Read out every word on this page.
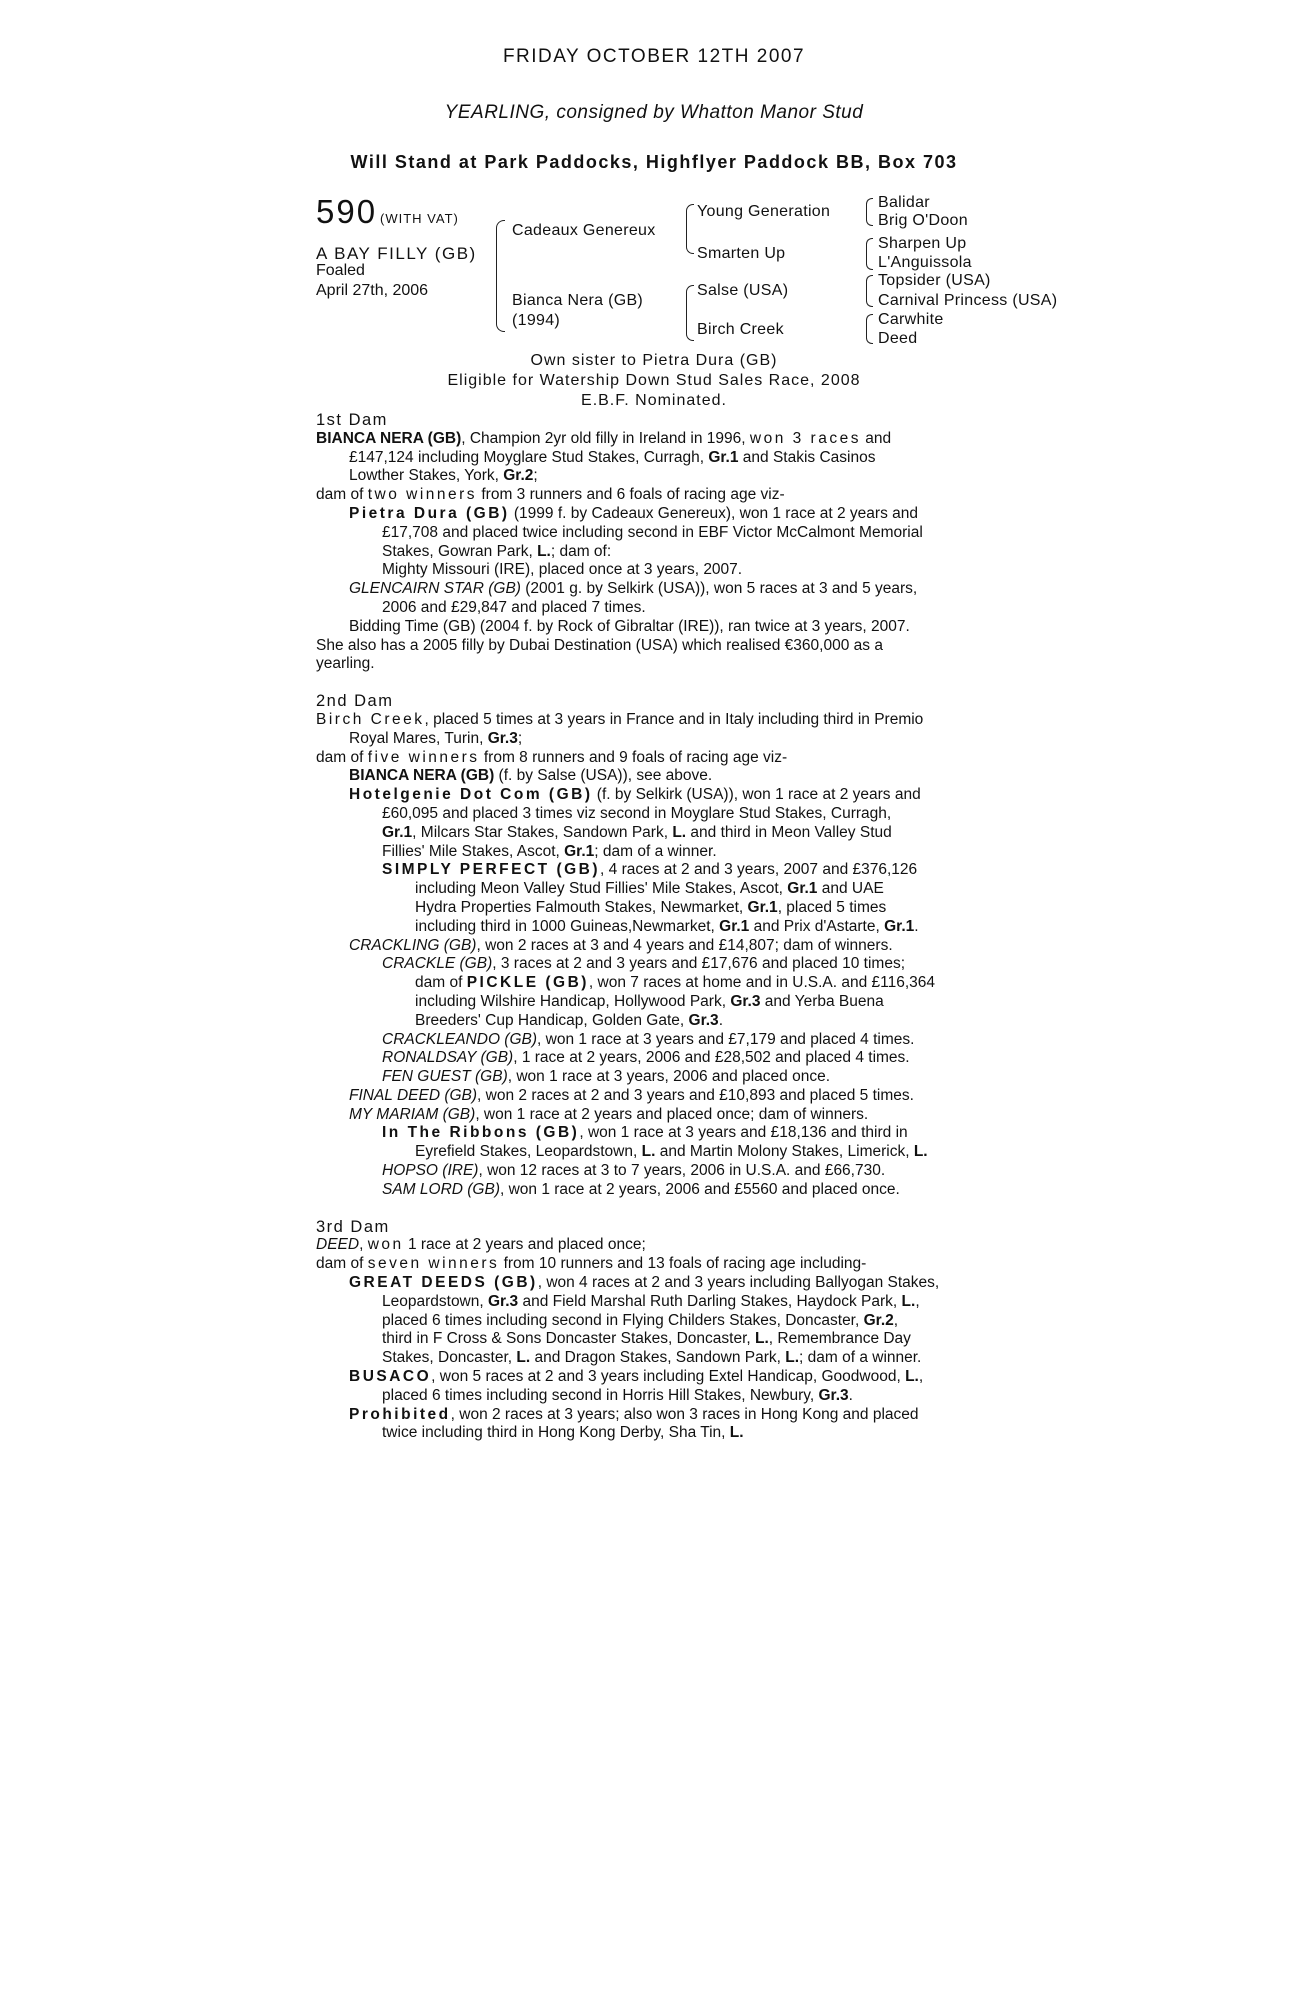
FRIDAY OCTOBER 12TH 2007
YEARLING, consigned by Whatton Manor Stud
Will Stand at Park Paddocks, Highflyer Paddock BB, Box 703
590 (WITH VAT)
A BAY FILLY (GB)
Foaled
April 27th, 2006
Cadeaux Genereux
Bianca Nera (GB)
(1994)
Young Generation
Smarten Up
Salse (USA)
Birch Creek
Balidar
Brig O'Doon
Sharpen Up
L'Anguissola
Topsider (USA)
Carnival Princess (USA)
Carwhite
Deed
Own sister to Pietra Dura (GB)
Eligible for Watership Down Stud Sales Race, 2008
E.B.F. Nominated.

1st Dam

BIANCA NERA (GB), Champion 2yr old filly in Ireland in 1996, won 3 races and

£147,124 including Moyglare Stud Stakes, Curragh, Gr.1 and Stakis Casinos

Lowther Stakes, York, Gr.2;

dam of two winners from 3 runners and 6 foals of racing age viz-

Pietra Dura (GB) (1999 f. by Cadeaux Genereux), won 1 race at 2 years and

£17,708 and placed twice including second in EBF Victor McCalmont Memorial

Stakes, Gowran Park, L.; dam of:

Mighty Missouri (IRE), placed once at 3 years, 2007.

GLENCAIRN STAR (GB) (2001 g. by Selkirk (USA)), won 5 races at 3 and 5 years,

2006 and £29,847 and placed 7 times.

Bidding Time (GB) (2004 f. by Rock of Gibraltar (IRE)), ran twice at 3 years, 2007.

She also has a 2005 filly by Dubai Destination (USA) which realised €360,000 as a

yearling.

2nd Dam

Birch Creek, placed 5 times at 3 years in France and in Italy including third in Premio

Royal Mares, Turin, Gr.3;

dam of five winners from 8 runners and 9 foals of racing age viz-

BIANCA NERA (GB) (f. by Salse (USA)), see above.

Hotelgenie Dot Com (GB) (f. by Selkirk (USA)), won 1 race at 2 years and

£60,095 and placed 3 times viz second in Moyglare Stud Stakes, Curragh,

Gr.1, Milcars Star Stakes, Sandown Park, L. and third in Meon Valley Stud

Fillies' Mile Stakes, Ascot, Gr.1; dam of a winner.

SIMPLY PERFECT (GB), 4 races at 2 and 3 years, 2007 and £376,126

including Meon Valley Stud Fillies' Mile Stakes, Ascot, Gr.1 and UAE

Hydra Properties Falmouth Stakes, Newmarket, Gr.1, placed 5 times

including third in 1000 Guineas,Newmarket, Gr.1 and Prix d'Astarte, Gr.1.

CRACKLING (GB), won 2 races at 3 and 4 years and £14,807; dam of winners.

CRACKLE (GB), 3 races at 2 and 3 years and £17,676 and placed 10 times;

dam of PICKLE (GB), won 7 races at home and in U.S.A. and £116,364

including Wilshire Handicap, Hollywood Park, Gr.3 and Yerba Buena

Breeders' Cup Handicap, Golden Gate, Gr.3.

CRACKLEANDO (GB), won 1 race at 3 years and £7,179 and placed 4 times.

RONALDSAY (GB), 1 race at 2 years, 2006 and £28,502 and placed 4 times.

FEN GUEST (GB), won 1 race at 3 years, 2006 and placed once.

FINAL DEED (GB), won 2 races at 2 and 3 years and £10,893 and placed 5 times.

MY MARIAM (GB), won 1 race at 2 years and placed once; dam of winners.

In The Ribbons (GB), won 1 race at 3 years and £18,136 and third in

Eyrefield Stakes, Leopardstown, L. and Martin Molony Stakes, Limerick, L.

HOPSO (IRE), won 12 races at 3 to 7 years, 2006 in U.S.A. and £66,730.

SAM LORD (GB), won 1 race at 2 years, 2006 and £5560 and placed once.

3rd Dam

DEED, won 1 race at 2 years and placed once;

dam of seven winners from 10 runners and 13 foals of racing age including-

GREAT DEEDS (GB), won 4 races at 2 and 3 years including Ballyogan Stakes,

Leopardstown, Gr.3 and Field Marshal Ruth Darling Stakes, Haydock Park, L.,

placed 6 times including second in Flying Childers Stakes, Doncaster, Gr.2,

third in F Cross & Sons Doncaster Stakes, Doncaster, L., Remembrance Day

Stakes, Doncaster, L. and Dragon Stakes, Sandown Park, L.; dam of a winner.

BUSACO, won 5 races at 2 and 3 years including Extel Handicap, Goodwood, L.,

placed 6 times including second in Horris Hill Stakes, Newbury, Gr.3.

Prohibited, won 2 races at 3 years; also won 3 races in Hong Kong and placed

twice including third in Hong Kong Derby, Sha Tin, L.
